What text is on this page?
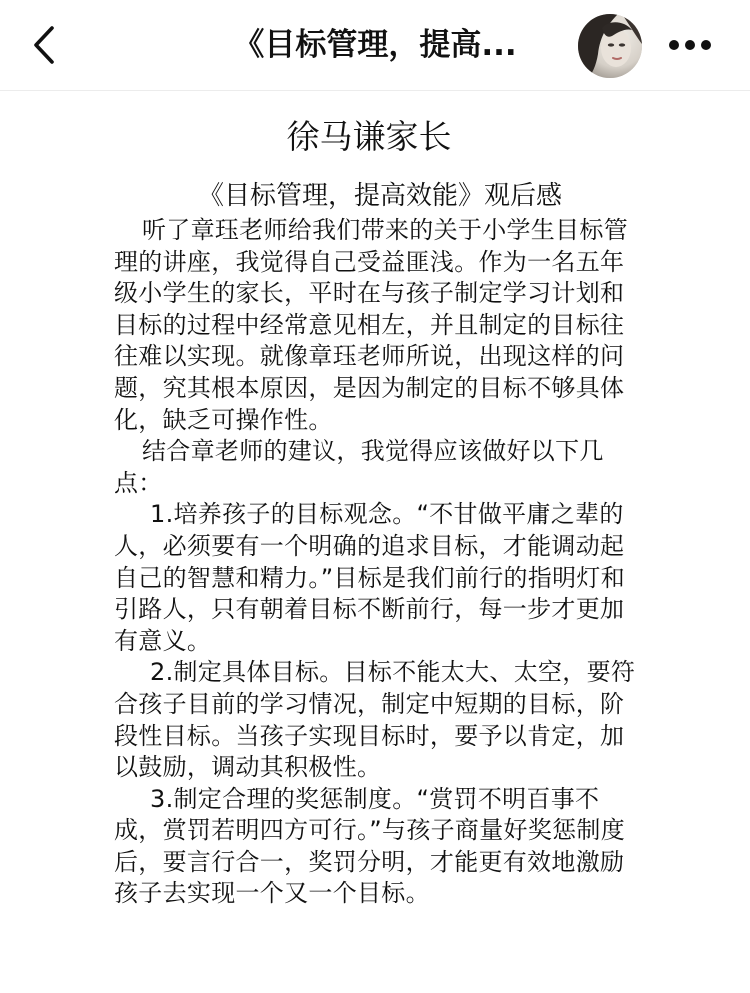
《目标管理，提高...
徐马谦家长
《目标管理，提高效能》观后感

听了章珏老师给我们带来的关于小学生目标管理的讲座，我觉得自己受益匪浅。作为一名五年级小学生的家长，平时在与孩子制定学习计划和目标的过程中经常意见相左，并且制定的目标往往难以实现。就像章珏老师所说，出现这样的问题，究其根本原因，是因为制定的目标不够具体化，缺乏可操作性。

结合章老师的建议，我觉得应该做好以下几点：

1.培养孩子的目标观念。“不甘做平庸之辈的人，必须要有一个明确的追求目标，才能调动起自己的智慧和精力。”目标是我们前行的指明灯和引路人，只有朝着目标不断前行，每一步才更加有意义。

2.制定具体目标。目标不能太大、太空，要符合孩子目前的学习情况，制定中短期的目标，阶段性目标。当孩子实现目标时，要予以肯定，加以鼓励，调动其积极性。

3.制定合理的奖惩制度。“赏罚不明百事不成，赏罚若明四方可行。”与孩子商量好奖惩制度后，要言行合一，奖罚分明，才能更有效地激励孩子去实现一个又一个目标。
